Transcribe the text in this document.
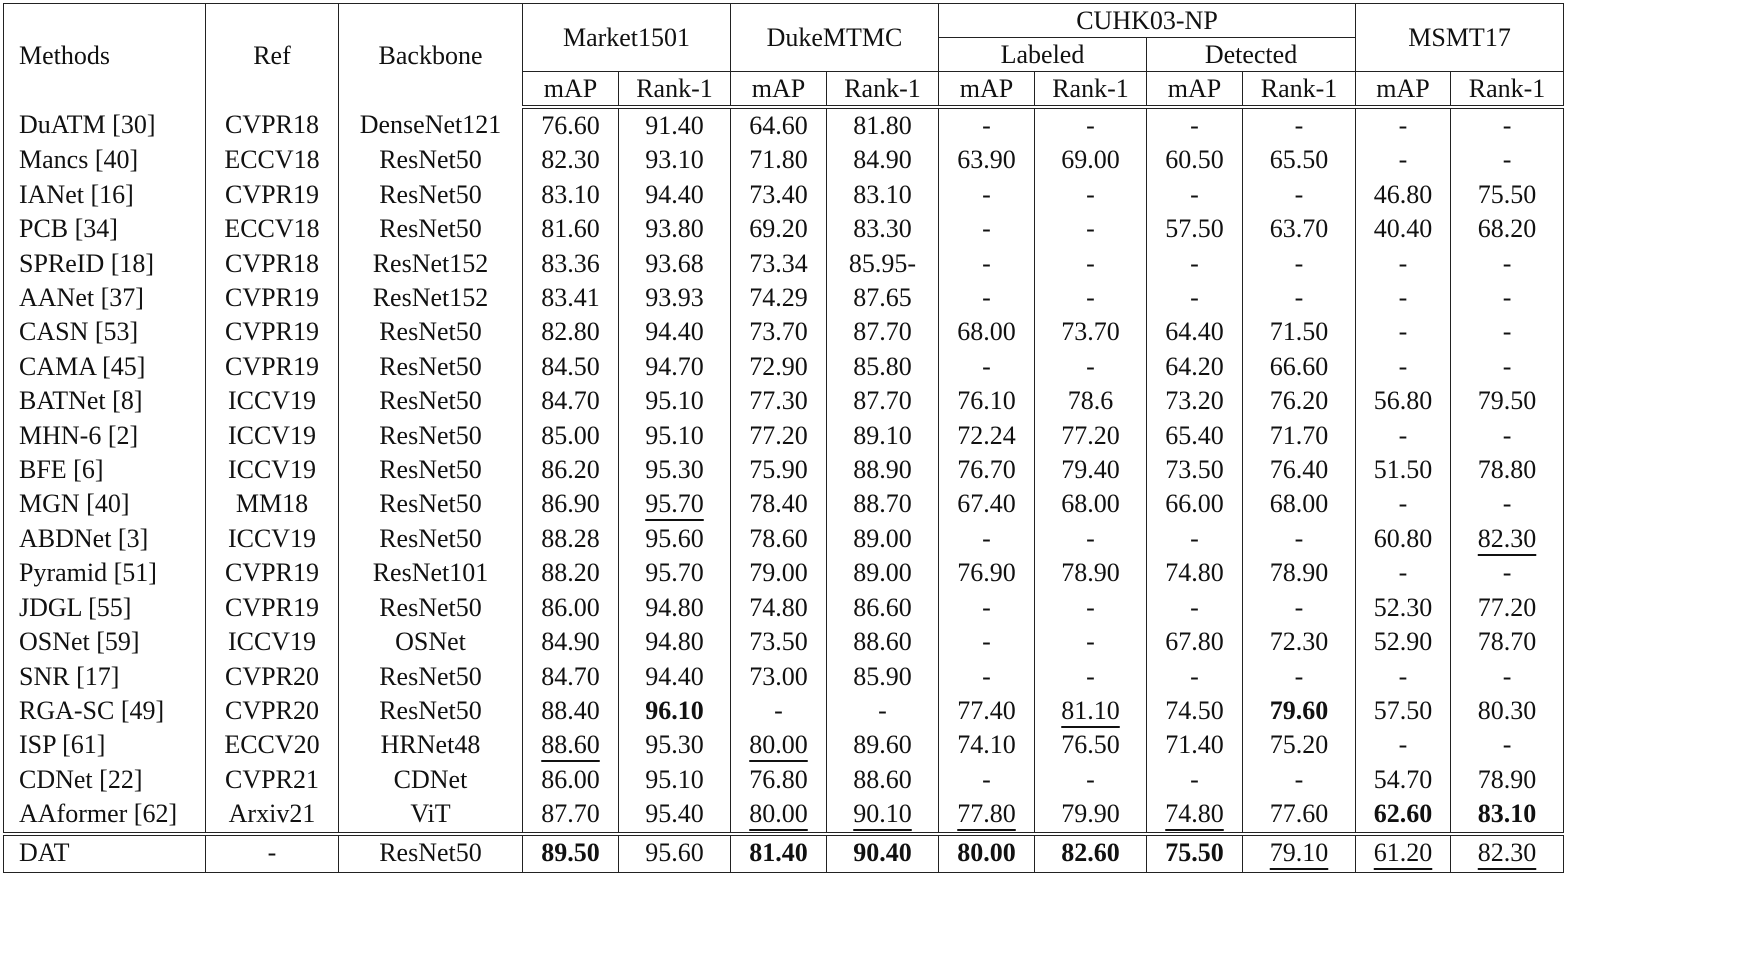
Methods	Ref	Backbone	Market1501		DukeMTMC		CUHK03-NP				MSMT17	
							Labeled		Detected			
			mAP	Rank-1	mAP	Rank-1	mAP	Rank-1	mAP	Rank-1	mAP	Rank-1
DuATM [30]	CVPR18	DenseNet121	76.60	91.40	64.60	81.80	-	-	-	-	-	-
Mancs [40]	ECCV18	ResNet50	82.30	93.10	71.80	84.90	63.90	69.00	60.50	65.50	-	-
IANet [16]	CVPR19	ResNet50	83.10	94.40	73.40	83.10	-	-	-	-	46.80	75.50
PCB [34]	ECCV18	ResNet50	81.60	93.80	69.20	83.30	-	-	57.50	63.70	40.40	68.20
SPReID [18]	CVPR18	ResNet152	83.36	93.68	73.34	85.95-	-	-	-	-	-	-
AANet [37]	CVPR19	ResNet152	83.41	93.93	74.29	87.65	-	-	-	-	-	-
CASN [53]	CVPR19	ResNet50	82.80	94.40	73.70	87.70	68.00	73.70	64.40	71.50	-	-
CAMA [45]	CVPR19	ResNet50	84.50	94.70	72.90	85.80	-	-	64.20	66.60	-	-
BATNet [8]	ICCV19	ResNet50	84.70	95.10	77.30	87.70	76.10	78.6	73.20	76.20	56.80	79.50
MHN-6 [2]	ICCV19	ResNet50	85.00	95.10	77.20	89.10	72.24	77.20	65.40	71.70	-	-
BFE [6]	ICCV19	ResNet50	86.20	95.30	75.90	88.90	76.70	79.40	73.50	76.40	51.50	78.80
MGN [40]	MM18	ResNet50	86.90	95.70	78.40	88.70	67.40	68.00	66.00	68.00	-	-
ABDNet [3]	ICCV19	ResNet50	88.28	95.60	78.60	89.00	-	-	-	-	60.80	82.30
Pyramid [51]	CVPR19	ResNet101	88.20	95.70	79.00	89.00	76.90	78.90	74.80	78.90	-	-
JDGL [55]	CVPR19	ResNet50	86.00	94.80	74.80	86.60	-	-	-	-	52.30	77.20
OSNet [59]	ICCV19	OSNet	84.90	94.80	73.50	88.60	-	-	67.80	72.30	52.90	78.70
SNR [17]	CVPR20	ResNet50	84.70	94.40	73.00	85.90	-	-	-	-	-	-
RGA-SC [49]	CVPR20	ResNet50	88.40	96.10	-	-	77.40	81.10	74.50	79.60	57.50	80.30
ISP [61]	ECCV20	HRNet48	88.60	95.30	80.00	89.60	74.10	76.50	71.40	75.20	-	-
CDNet [22]	CVPR21	CDNet	86.00	95.10	76.80	88.60	-	-	-	-	54.70	78.90
AAformer [62]	Arxiv21	ViT	87.70	95.40	80.00	90.10	77.80	79.90	74.80	77.60	62.60	83.10
DAT	-	ResNet50	89.50	95.60	81.40	90.40	80.00	82.60	75.50	79.10	61.20	82.30
